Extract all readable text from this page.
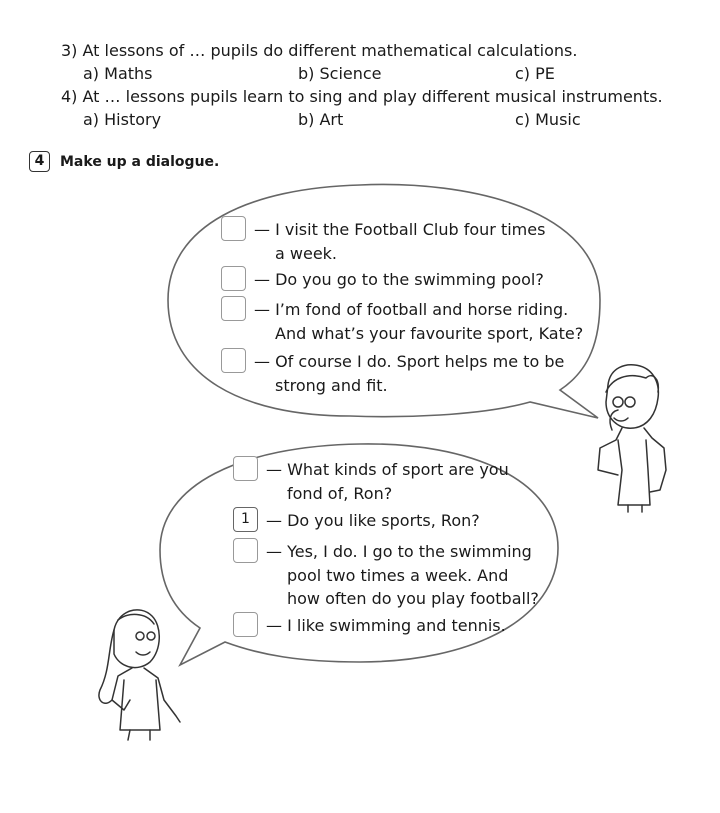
3) At lessons of … pupils do different mathematical calculations.
a) Maths	b) Science	c) PE
4) At … lessons pupils learn to sing and play different musical instruments.
a) History	b) Art	c) Music
4	Make up a dialogue.
— I visit the Football Club four times
a week.
— Do you go to the swimming pool?
— I’m fond of football and horse riding.
And what’s your favourite sport, Kate?
— Of course I do. Sport helps me to be
strong and fit.
— What kinds of sport are you
fond of, Ron?
1	— Do you like sports, Ron?
— Yes, I do. I go to the swimming
pool two times a week. And
how often do you play football?
— I like swimming and tennis.
